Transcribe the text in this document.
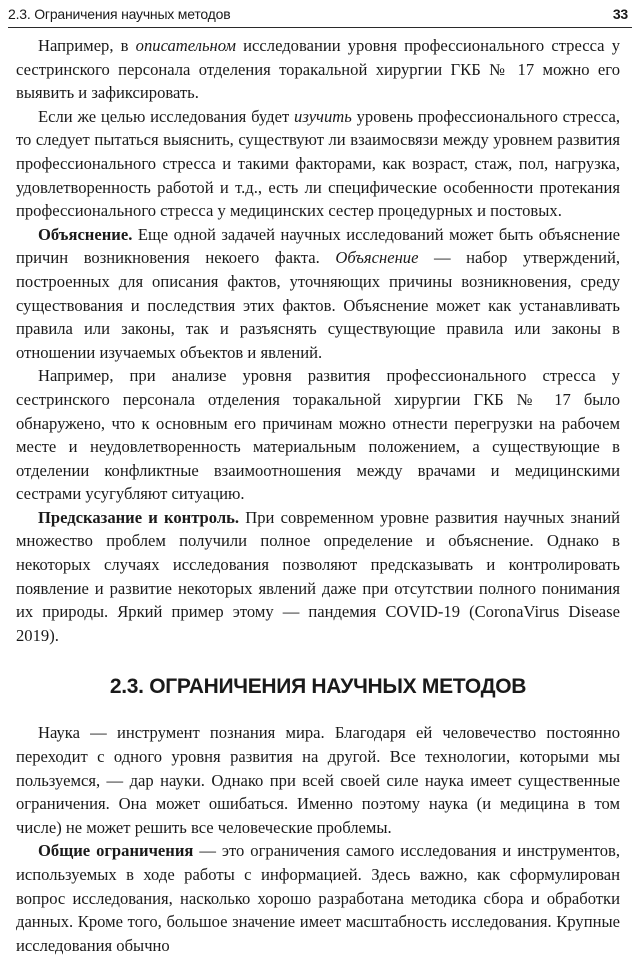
2.3. Ограничения научных методов	33

Например, в описательном исследовании уровня профессионального стресса у сестринского персонала отделения торакальной хирургии ГКБ № 17 можно его выявить и зафиксировать.

Если же целью исследования будет изучить уровень профессионального стресса, то следует пытаться выяснить, существуют ли взаимосвязи между уровнем развития профессионального стресса и такими факторами, как возраст, стаж, пол, нагрузка, удовлетворенность работой и т.д., есть ли специфические особенности протекания профессионального стресса у медицинских сестер процедурных и постовых.

Объяснение. Еще одной задачей научных исследований может быть объяснение причин возникновения некоего факта. Объяснение — набор утверждений, построенных для описания фактов, уточняющих причины возникновения, среду существования и последствия этих фактов. Объяснение может как устанавливать правила или законы, так и разъяснять существующие правила или законы в отношении изучаемых объектов и явлений.

Например, при анализе уровня развития профессионального стресса у сестринского персонала отделения торакальной хирургии ГКБ № 17 было обнаружено, что к основным его причинам можно отнести перегрузки на рабочем месте и неудовлетворенность материальным положением, а существующие в отделении конфликтные взаимоотношения между врачами и медицинскими сестрами усугубляют ситуацию.

Предсказание и контроль. При современном уровне развития научных знаний множество проблем получили полное определение и объяснение. Однако в некоторых случаях исследования позволяют предсказывать и контролировать появление и развитие некоторых явлений даже при отсутствии полного понимания их природы. Яркий пример этому — пандемия COVID-19 (CoronaVirus Disease 2019).

2.3. ОГРАНИЧЕНИЯ НАУЧНЫХ МЕТОДОВ

Наука — инструмент познания мира. Благодаря ей человечество постоянно переходит с одного уровня развития на другой. Все технологии, которыми мы пользуемся, — дар науки. Однако при всей своей силе наука имеет существенные ограничения. Она может ошибаться. Именно поэтому наука (и медицина в том числе) не может решить все человеческие проблемы.

Общие ограничения — это ограничения самого исследования и инструментов, используемых в ходе работы с информацией. Здесь важно, как сформулирован вопрос исследования, насколько хорошо разработана методика сбора и обработки данных. Кроме того, большое значение имеет масштабность исследования. Крупные исследования обычно
